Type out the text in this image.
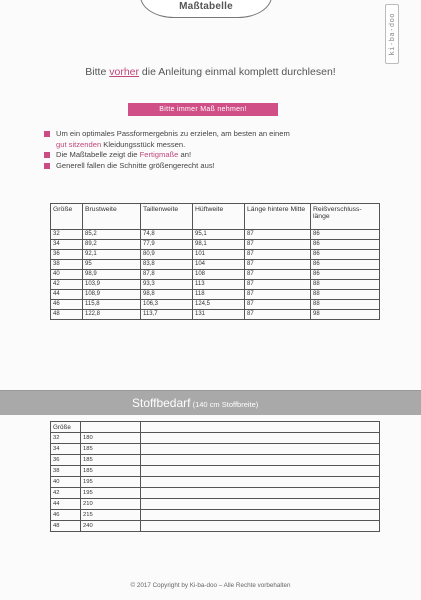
Maßtabelle
ki-ba-doo
Bitte vorher die Anleitung einmal komplett durchlesen!
Bitte immer Maß nehmen!
Um ein optimales Passformergebnis zu erzielen, am besten an einem
gut sitzenden Kleidungsstück messen.
Die Maßtabelle zeigt die Fertigmaße an!
Generell fallen die Schnitte größengerecht aus!
Größe	Brustweite	Taillenweite	Hüftweite	Länge hintere Mitte	Reißverschluss-länge
32	85,2	74,8	95,1	87	86
34	89,2	77,9	98,1	87	86
36	92,1	80,9	101	87	86
38	95	83,8	104	87	86
40	98,9	87,8	108	87	86
42	103,9	93,3	113	87	88
44	108,9	98,8	118	87	88
46	115,8	106,3	124,5	87	88
48	122,8	113,7	131	87	98
Stoffbedarf (140 cm Stoffbreite)
Größe		
32	180	
34	185	
36	185	
38	185	
40	195	
42	195	
44	210	
46	215	
48	240	
© 2017 Copyright by Ki-ba-doo – Alle Rechte vorbehalten
